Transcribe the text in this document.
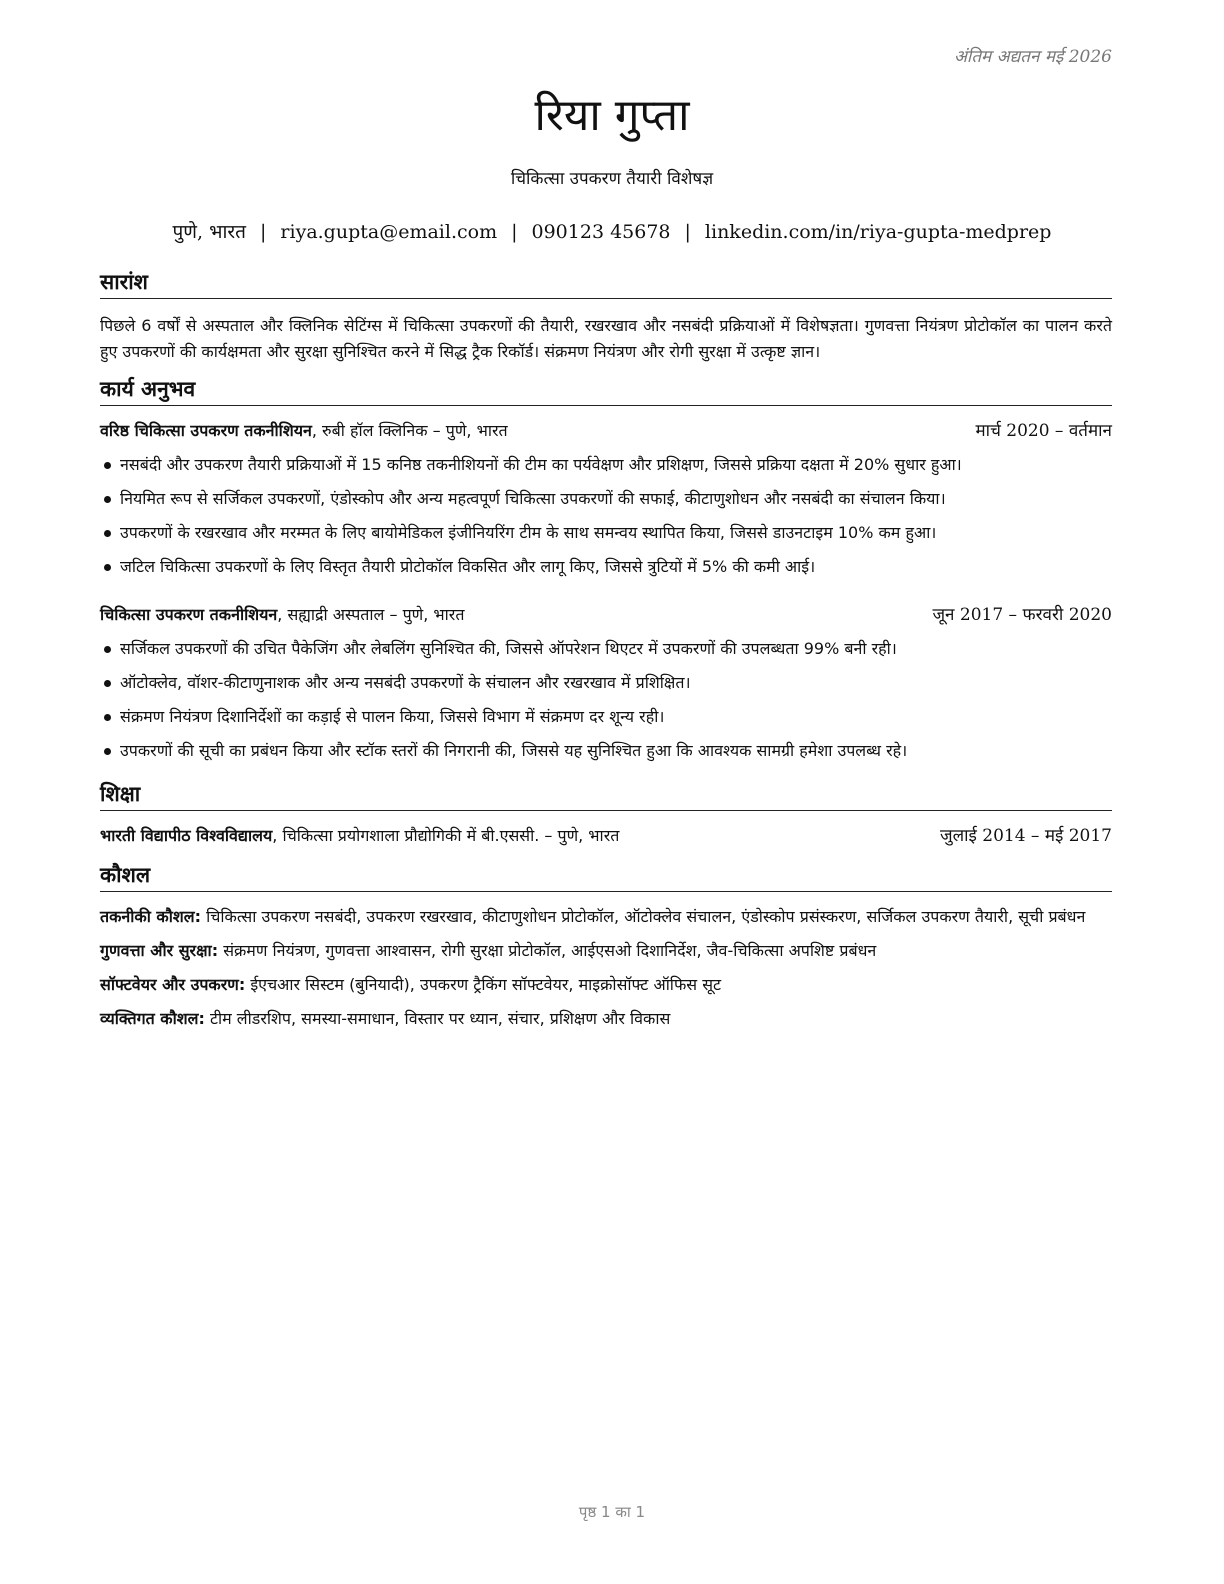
अंतिम अद्यतन मई 2026
रिया गुप्ता

चिकित्सा उपकरण तैयारी विशेषज्ञ

पुणे, भारत | riya.gupta@email.com | 090123 45678 | linkedin.com/in/riya-gupta-medprep

सारांश

पिछले 6 वर्षों से अस्पताल और क्लिनिक सेटिंग्स में चिकित्सा उपकरणों की तैयारी, रखरखाव और नसबंदी प्रक्रियाओं में विशेषज्ञता। गुणवत्ता नियंत्रण प्रोटोकॉल का पालन करते हुए उपकरणों की कार्यक्षमता और सुरक्षा सुनिश्चित करने में सिद्ध ट्रैक रिकॉर्ड। संक्रमण नियंत्रण और रोगी सुरक्षा में उत्कृष्ट ज्ञान।

कार्य अनुभव
वरिष्ठ चिकित्सा उपकरण तकनीशियन, रुबी हॉल क्लिनिक – पुणे, भारत	मार्च 2020 – वर्तमान
नसबंदी और उपकरण तैयारी प्रक्रियाओं में 15 कनिष्ठ तकनीशियनों की टीम का पर्यवेक्षण और प्रशिक्षण, जिससे प्रक्रिया दक्षता में 20% सुधार हुआ।
नियमित रूप से सर्जिकल उपकरणों, एंडोस्कोप और अन्य महत्वपूर्ण चिकित्सा उपकरणों की सफाई, कीटाणुशोधन और नसबंदी का संचालन किया।
उपकरणों के रखरखाव और मरम्मत के लिए बायोमेडिकल इंजीनियरिंग टीम के साथ समन्वय स्थापित किया, जिससे डाउनटाइम 10% कम हुआ।
जटिल चिकित्सा उपकरणों के लिए विस्तृत तैयारी प्रोटोकॉल विकसित और लागू किए, जिससे त्रुटियों में 5% की कमी आई।
चिकित्सा उपकरण तकनीशियन, सह्याद्री अस्पताल – पुणे, भारत	जून 2017 – फरवरी 2020
सर्जिकल उपकरणों की उचित पैकेजिंग और लेबलिंग सुनिश्चित की, जिससे ऑपरेशन थिएटर में उपकरणों की उपलब्धता 99% बनी रही।
ऑटोक्लेव, वॉशर-कीटाणुनाशक और अन्य नसबंदी उपकरणों के संचालन और रखरखाव में प्रशिक्षित।
संक्रमण नियंत्रण दिशानिर्देशों का कड़ाई से पालन किया, जिससे विभाग में संक्रमण दर शून्य रही।
उपकरणों की सूची का प्रबंधन किया और स्टॉक स्तरों की निगरानी की, जिससे यह सुनिश्चित हुआ कि आवश्यक सामग्री हमेशा उपलब्ध रहे।
शिक्षा
भारती विद्यापीठ विश्वविद्यालय, चिकित्सा प्रयोगशाला प्रौद्योगिकी में बी.एससी. – पुणे, भारत	जुलाई 2014 – मई 2017
कौशल
तकनीकी कौशल: चिकित्सा उपकरण नसबंदी, उपकरण रखरखाव, कीटाणुशोधन प्रोटोकॉल, ऑटोक्लेव संचालन, एंडोस्कोप प्रसंस्करण, सर्जिकल उपकरण तैयारी, सूची प्रबंधन
गुणवत्ता और सुरक्षा: संक्रमण नियंत्रण, गुणवत्ता आश्वासन, रोगी सुरक्षा प्रोटोकॉल, आईएसओ दिशानिर्देश, जैव-चिकित्सा अपशिष्ट प्रबंधन
सॉफ्टवेयर और उपकरण: ईएचआर सिस्टम (बुनियादी), उपकरण ट्रैकिंग सॉफ्टवेयर, माइक्रोसॉफ्ट ऑफिस सूट
व्यक्तिगत कौशल: टीम लीडरशिप, समस्या-समाधान, विस्तार पर ध्यान, संचार, प्रशिक्षण और विकास
पृष्ठ 1 का 1
